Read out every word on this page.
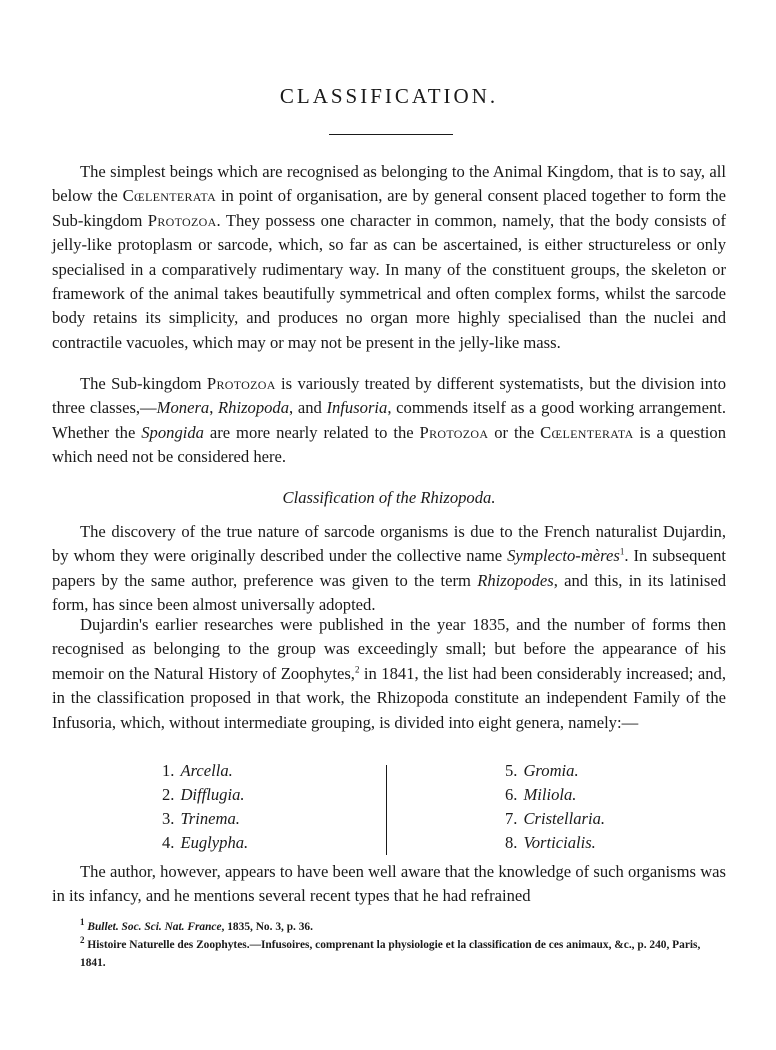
CLASSIFICATION.

The simplest beings which are recognised as belonging to the Animal Kingdom, that is to say, all below the Cœlenterata in point of organisation, are by general consent placed together to form the Sub-kingdom Protozoa. They possess one character in common, namely, that the body consists of jelly-like protoplasm or sarcode, which, so far as can be ascertained, is either structureless or only specialised in a comparatively rudimentary way. In many of the constituent groups, the skeleton or framework of the animal takes beautifully symmetrical and often complex forms, whilst the sarcode body retains its simplicity, and produces no organ more highly specialised than the nuclei and contractile vacuoles, which may or may not be present in the jelly-like mass.

The Sub-kingdom Protozoa is variously treated by different systematists, but the division into three classes,—Monera, Rhizopoda, and Infusoria, commends itself as a good working arrangement. Whether the Spongida are more nearly related to the Protozoa or the Cœlenterata is a question which need not be considered here.

Classification of the Rhizopoda.

The discovery of the true nature of sarcode organisms is due to the French naturalist Dujardin, by whom they were originally described under the collective name Symplecto-mères$^1$. In subsequent papers by the same author, preference was given to the term Rhizopodes, and this, in its latinised form, has since been almost universally adopted.

Dujardin's earlier researches were published in the year 1835, and the number of forms then recognised as belonging to the group was exceedingly small; but before the appearance of his memoir on the Natural History of Zoophytes,$^2$ in 1841, the list had been considerably increased; and, in the classification proposed in that work, the Rhizopoda constitute an independent Family of the Infusoria, which, without intermediate grouping, is divided into eight genera, namely:—

1. Arcella.
2. Difflugia.
3. Trinema.
4. Euglypha.
5. Gromia.
6. Miliola.
7. Cristellaria.
8. Vorticialis.

The author, however, appears to have been well aware that the knowledge of such organisms was in its infancy, and he mentions several recent types that he had refrained

$^1$ Bullet. Soc. Sci. Nat. France, 1835, No. 3, p. 36.
$^2$ Histoire Naturelle des Zoophytes.—Infusoires, comprenant la physiologie et la classification de ces animaux, &c., p. 240, Paris, 1841.
